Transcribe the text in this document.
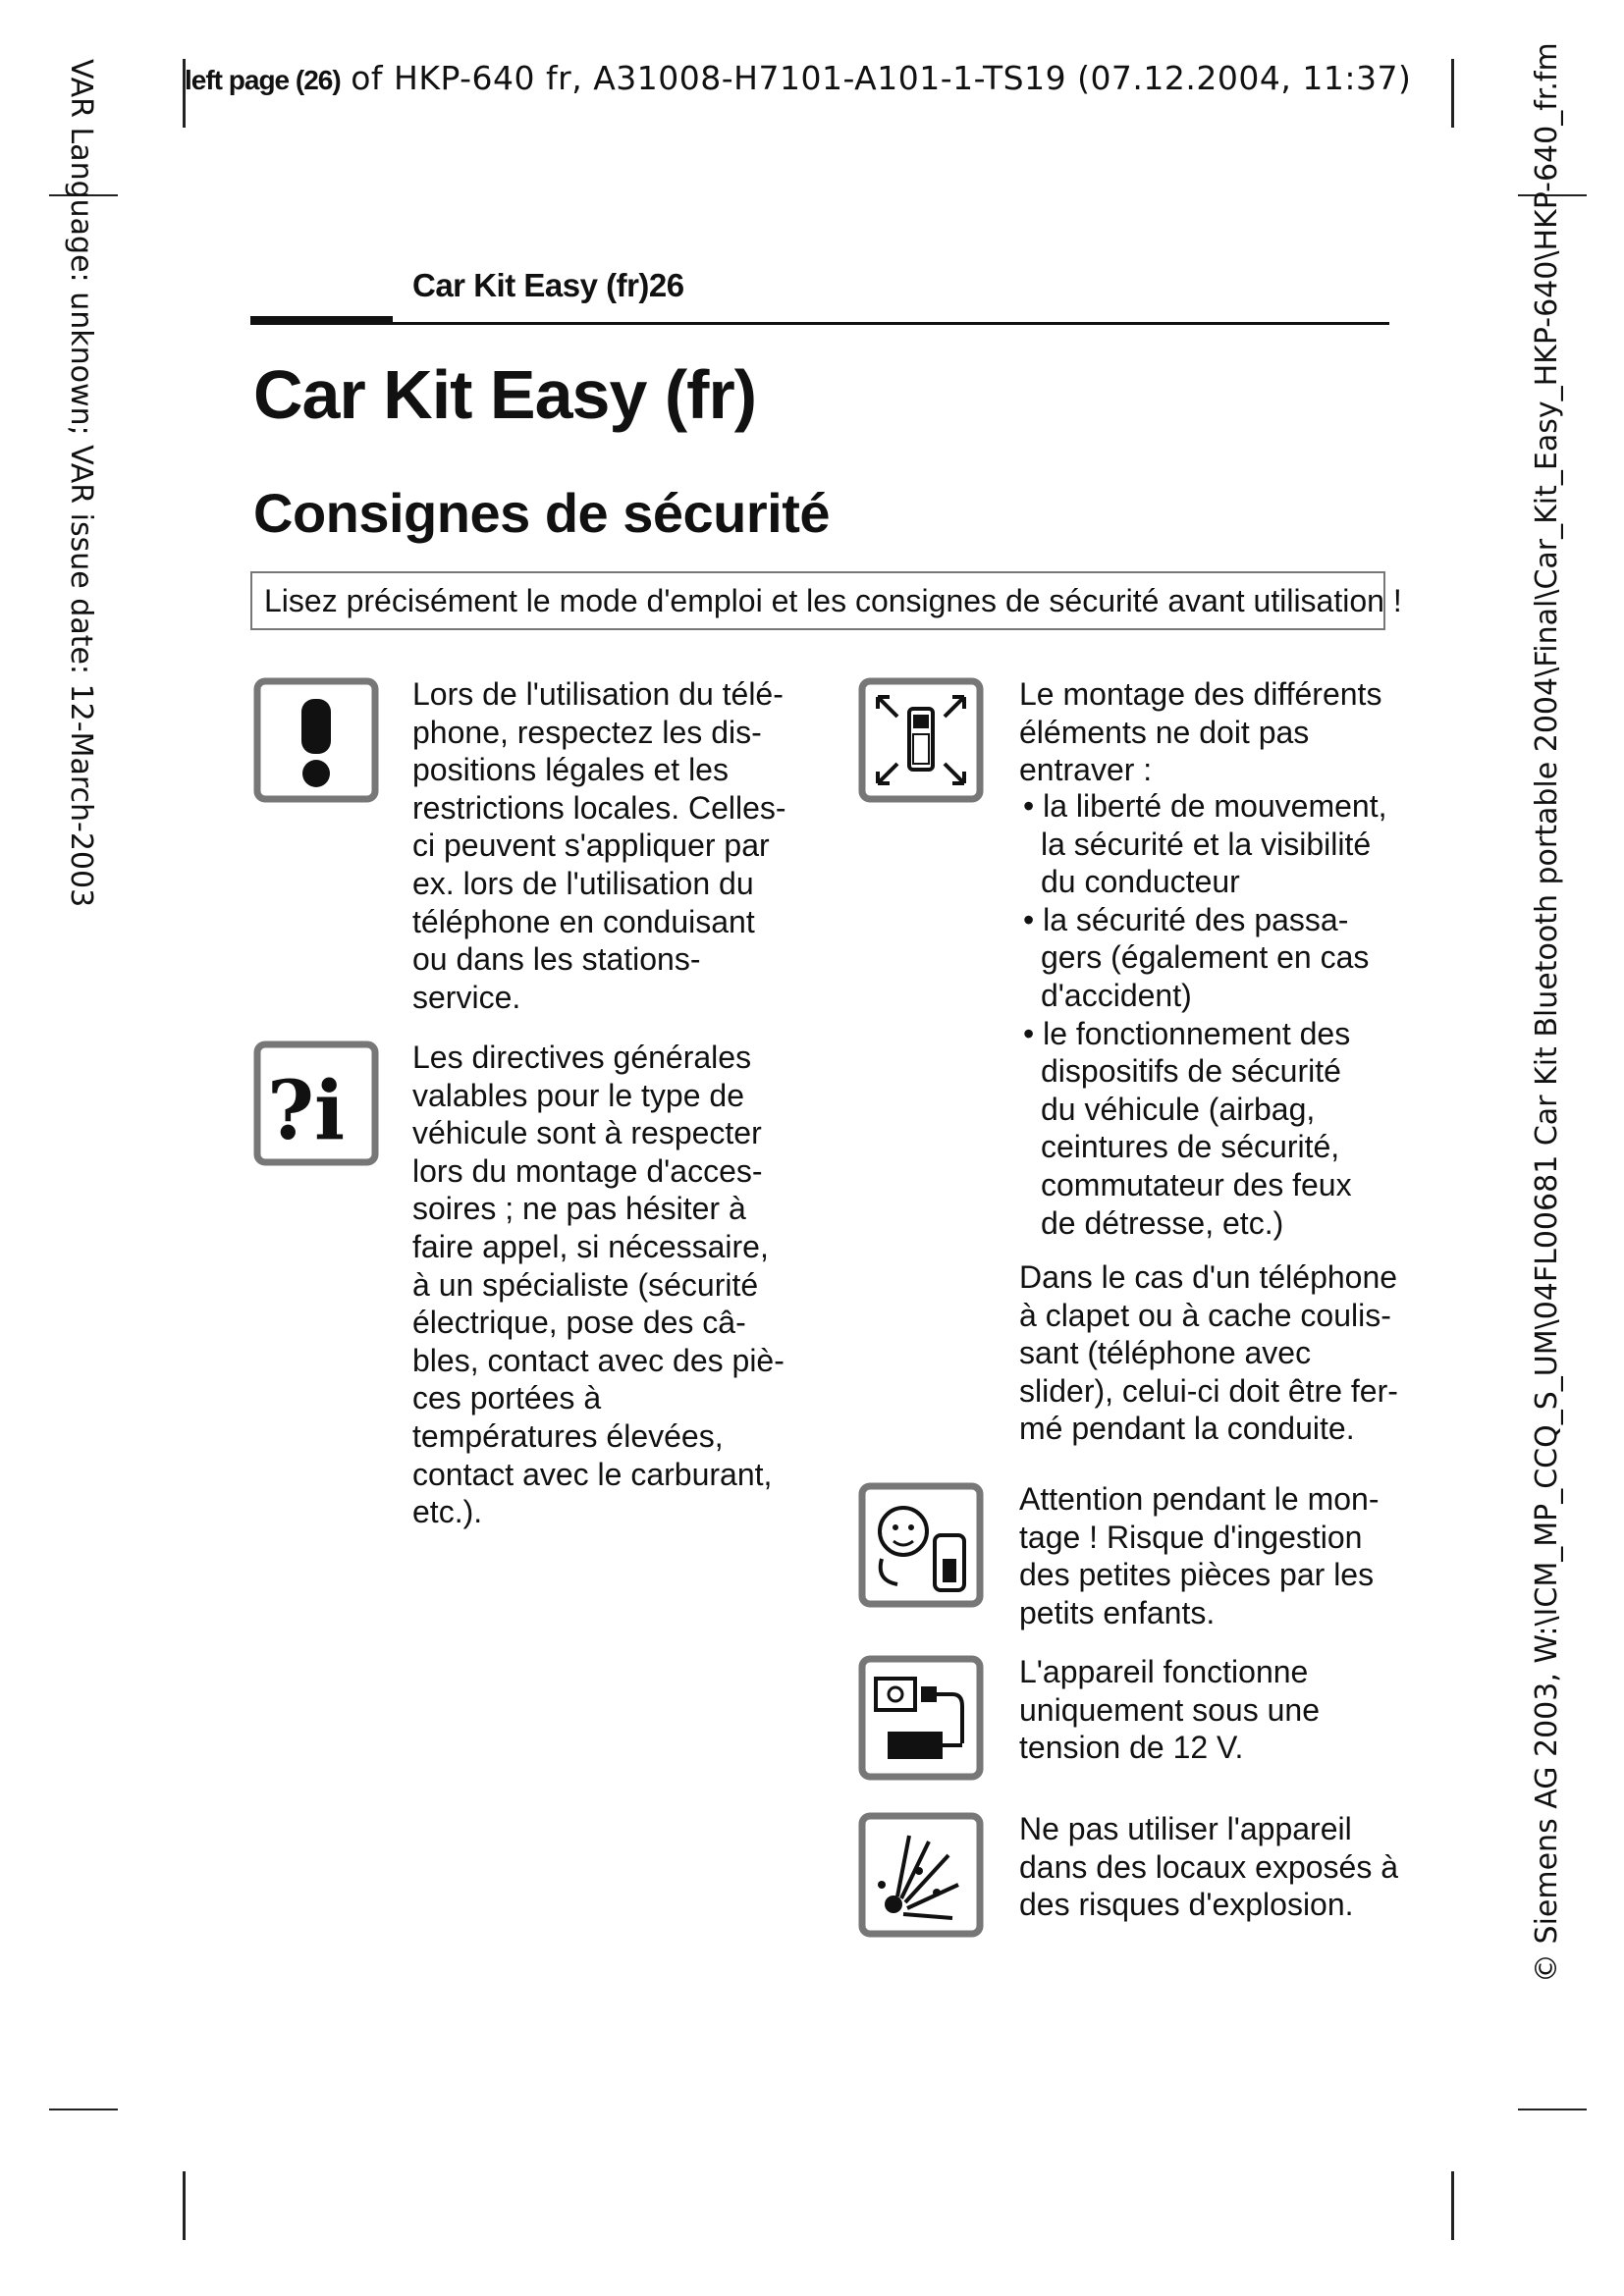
left page (26) of HKP-640 fr, A31008-H7101-A101-1-TS19 (07.12.2004, 11:37)
VAR Language: unknown; VAR issue date: 12-March-2003	© Siemens AG 2003, W:\ICM_MP_CCQ_S_UM\04FL00681 Car Kit Bluetooth portable 2004\Final\Car_Kit_Easy_HKP-640\HKP-640_fr.fm
Car Kit Easy (fr)26
Car Kit Easy (fr)
Consignes de sécurité
Lisez précisément le mode d'emploi et les consignes de sécurité avant utilisation !
Lors de l'utilisation du télé-
phone, respectez les dis-
positions légales et les
restrictions locales. Celles-
ci peuvent s'appliquer par
ex. lors de l'utilisation du
téléphone en conduisant
ou dans les stations-
service.
?i
Les directives générales
valables pour le type de
véhicule sont à respecter
lors du montage d'acces-
soires ; ne pas hésiter à
faire appel, si nécessaire,
à un spécialiste (sécurité
électrique, pose des câ-
bles, contact avec des piè-
ces portées à
températures élevées,
contact avec le carburant,
etc.).
Le montage des différents
éléments ne doit pas
entraver :
• la liberté de mouvement,
la sécurité et la visibilité
du conducteur
• la sécurité des passa-
gers (également en cas
d'accident)
• le fonctionnement des
dispositifs de sécurité
du véhicule (airbag,
ceintures de sécurité,
commutateur des feux
de détresse, etc.)
Dans le cas d'un téléphone
à clapet ou à cache coulis-
sant (téléphone avec
slider), celui-ci doit être fer-
mé pendant la conduite.
Attention pendant le mon-
tage ! Risque d'ingestion
des petites pièces par les
petits enfants.
L'appareil fonctionne
uniquement sous une
tension de 12 V.
Ne pas utiliser l'appareil
dans des locaux exposés à
des risques d'explosion.
